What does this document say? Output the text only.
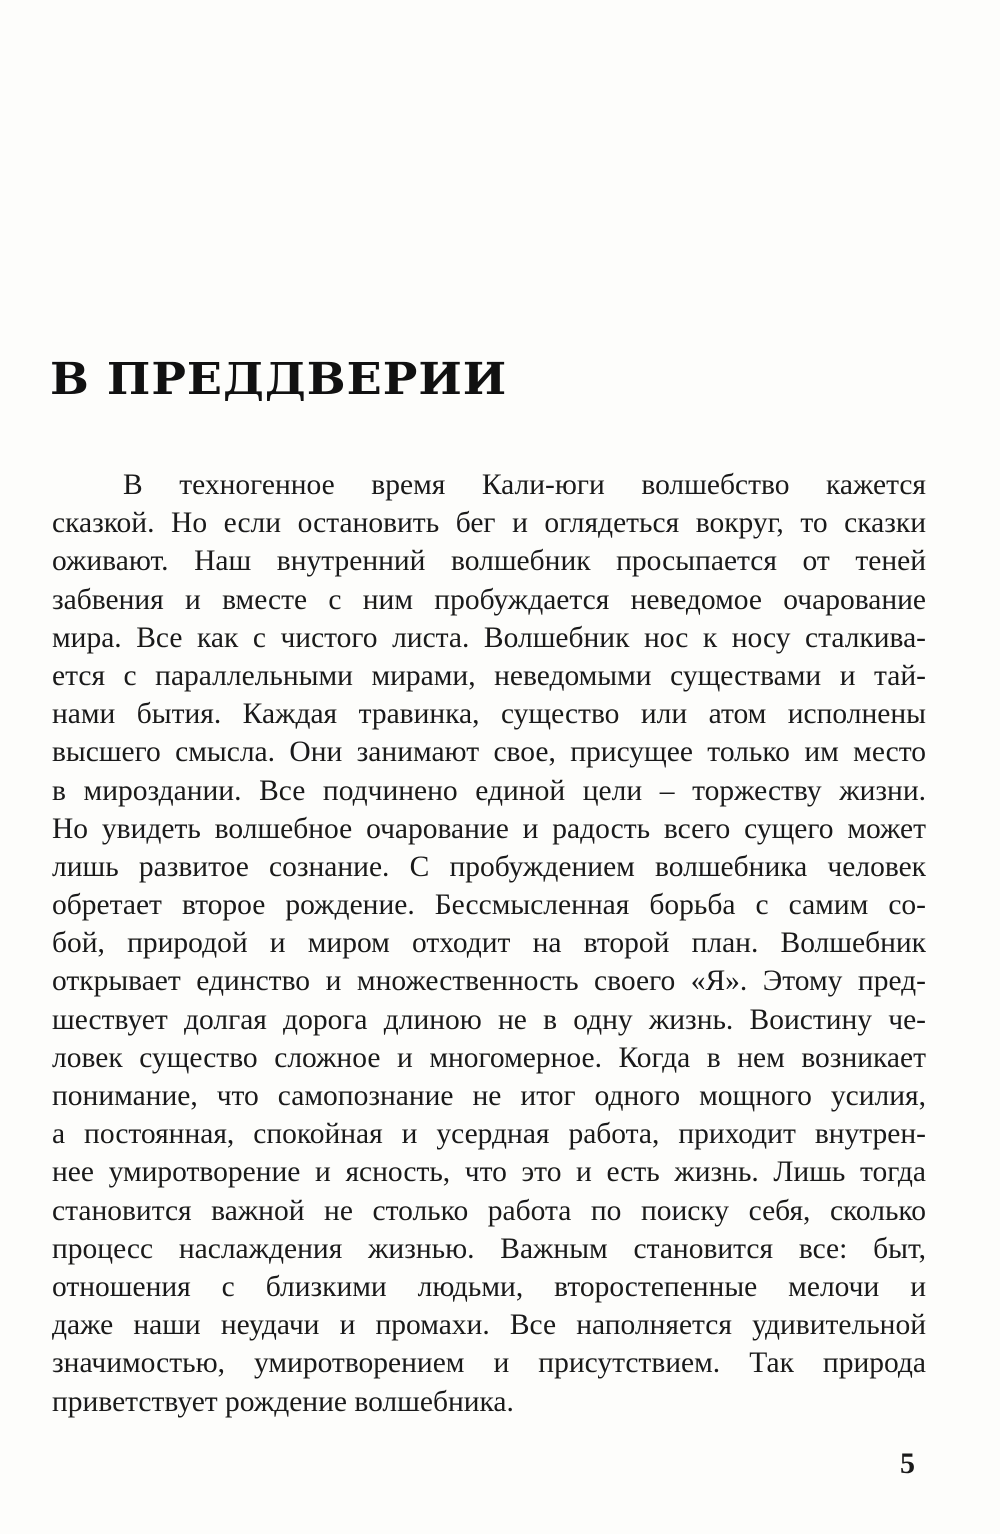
В ПРЕДДВЕРИИ
В техногенное время Кали-юги волшебство кажется
сказкой. Но если остановить бег и оглядеться вокруг, то сказки
оживают. Наш внутренний волшебник просыпается от теней
забвения и вместе с ним пробуждается неведомое очарование
мира. Все как с чистого листа. Волшебник нос к носу сталкива-
ется с параллельными мирами, неведомыми существами и тай-
нами бытия. Каждая травинка, существо или атом исполнены
высшего смысла. Они занимают свое, присущее только им место
в мироздании. Все подчинено единой цели – торжеству жизни.
Но увидеть волшебное очарование и радость всего сущего может
лишь развитое сознание. С пробуждением волшебника человек
обретает второе рождение. Бессмысленная борьба с самим со-
бой, природой и миром отходит на второй план. Волшебник
открывает единство и множественность своего «Я». Этому пред-
шествует долгая дорога длиною не в одну жизнь. Воистину че-
ловек существо сложное и многомерное. Когда в нем возникает
понимание, что самопознание не итог одного мощного усилия,
а постоянная, спокойная и усердная работа, приходит внутрен-
нее умиротворение и ясность, что это и есть жизнь. Лишь тогда
становится важной не столько работа по поиску себя, сколько
процесс наслаждения жизнью. Важным становится все: быт,
отношения с близкими людьми, второстепенные мелочи и
даже наши неудачи и промахи. Все наполняется удивительной
значимостью, умиротворением и присутствием. Так природа
приветствует рождение волшебника.
5
